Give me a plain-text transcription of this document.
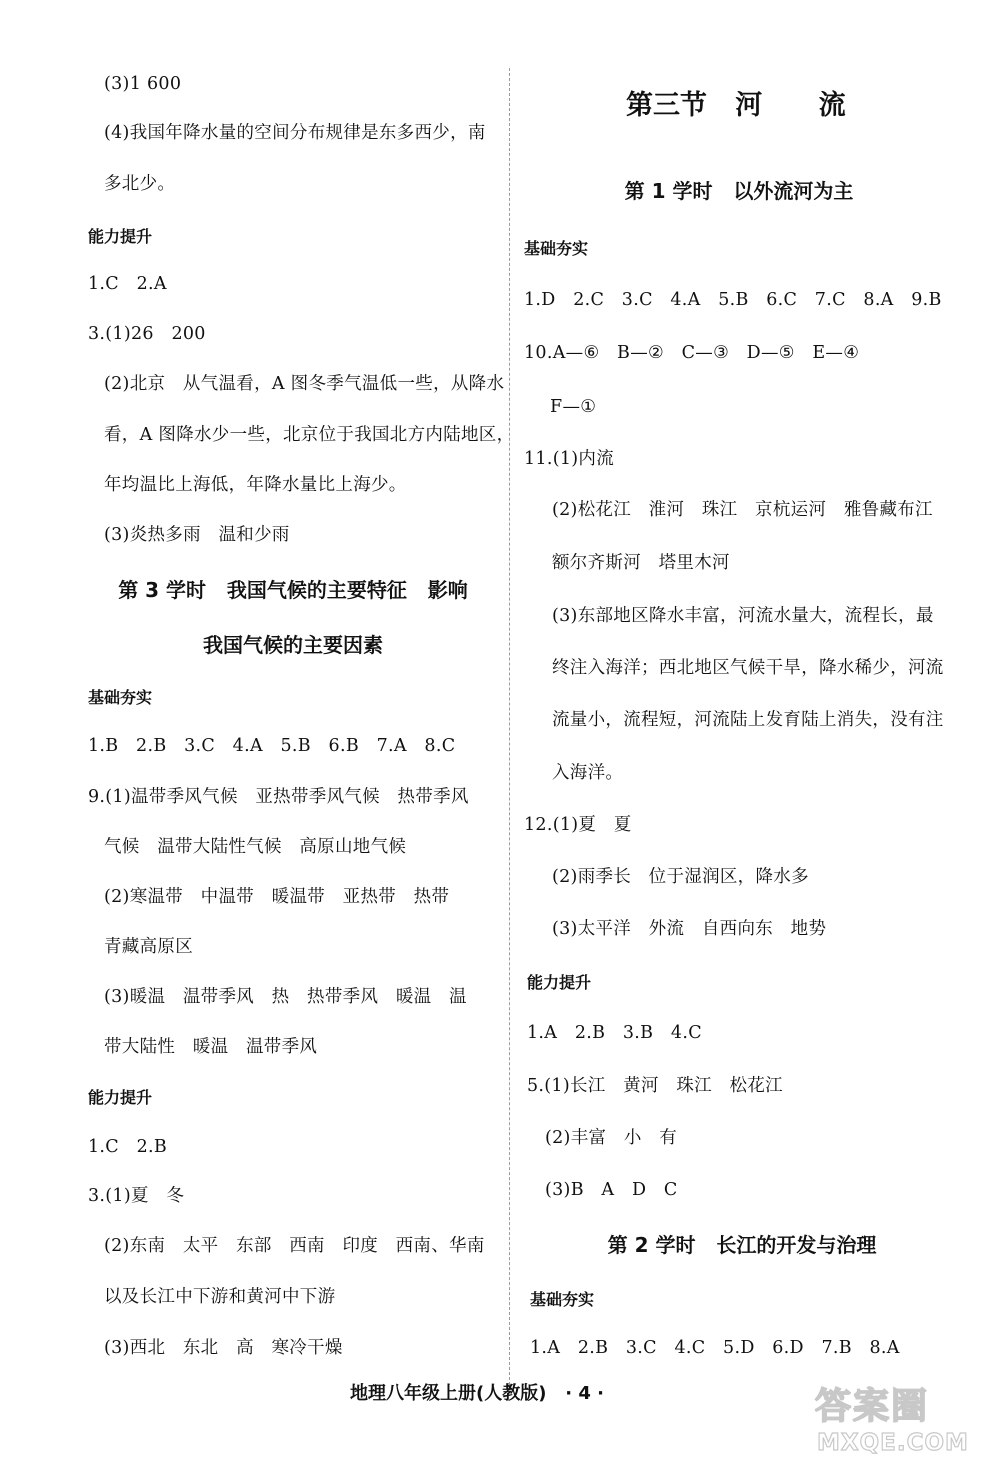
(3)1 600
(4)我国年降水量的空间分布规律是东多西少，南
多北少。
能力提升
1.C   2.A
3.(1)26   200
(2)北京   从气温看，A 图冬季气温低一些，从降水
看，A 图降水少一些，北京位于我国北方内陆地区，
年均温比上海低，年降水量比上海少。
(3)炎热多雨   温和少雨
第 3 学时   我国气候的主要特征   影响
我国气候的主要因素
基础夯实
1.B   2.B   3.C   4.A   5.B   6.B   7.A   8.C
9.(1)温带季风气候   亚热带季风气候   热带季风
气候   温带大陆性气候   高原山地气候
(2)寒温带   中温带   暖温带   亚热带   热带
青藏高原区
(3)暖温   温带季风   热   热带季风   暖温   温
带大陆性   暖温   温带季风
能力提升
1.C   2.B
3.(1)夏   冬
(2)东南   太平   东部   西南   印度   西南、华南
以及长江中下游和黄河中下游
(3)西北   东北   高   寒冷干燥
第三节   河      流
第 1 学时   以外流河为主
基础夯实
1.D   2.C   3.C   4.A   5.B   6.C   7.C   8.A   9.B
10.A—⑥   B—②   C—③   D—⑤   E—④
F—①
11.(1)内流
(2)松花江   淮河   珠江   京杭运河   雅鲁藏布江
额尔齐斯河   塔里木河
(3)东部地区降水丰富，河流水量大，流程长，最
终注入海洋；西北地区气候干旱，降水稀少，河流
流量小，流程短，河流陆上发育陆上消失，没有注
入海洋。
12.(1)夏   夏
(2)雨季长   位于湿润区，降水多
(3)太平洋   外流   自西向东   地势
能力提升
1.A   2.B   3.B   4.C
5.(1)长江   黄河   珠江   松花江
(2)丰富   小   有
(3)B   A   D   C
第 2 学时   长江的开发与治理
基础夯实
1.A   2.B   3.C   4.C   5.D   6.D   7.B   8.A
地理八年级上册(人教版)   · 4 ·	答案圈
MXQE.COM
